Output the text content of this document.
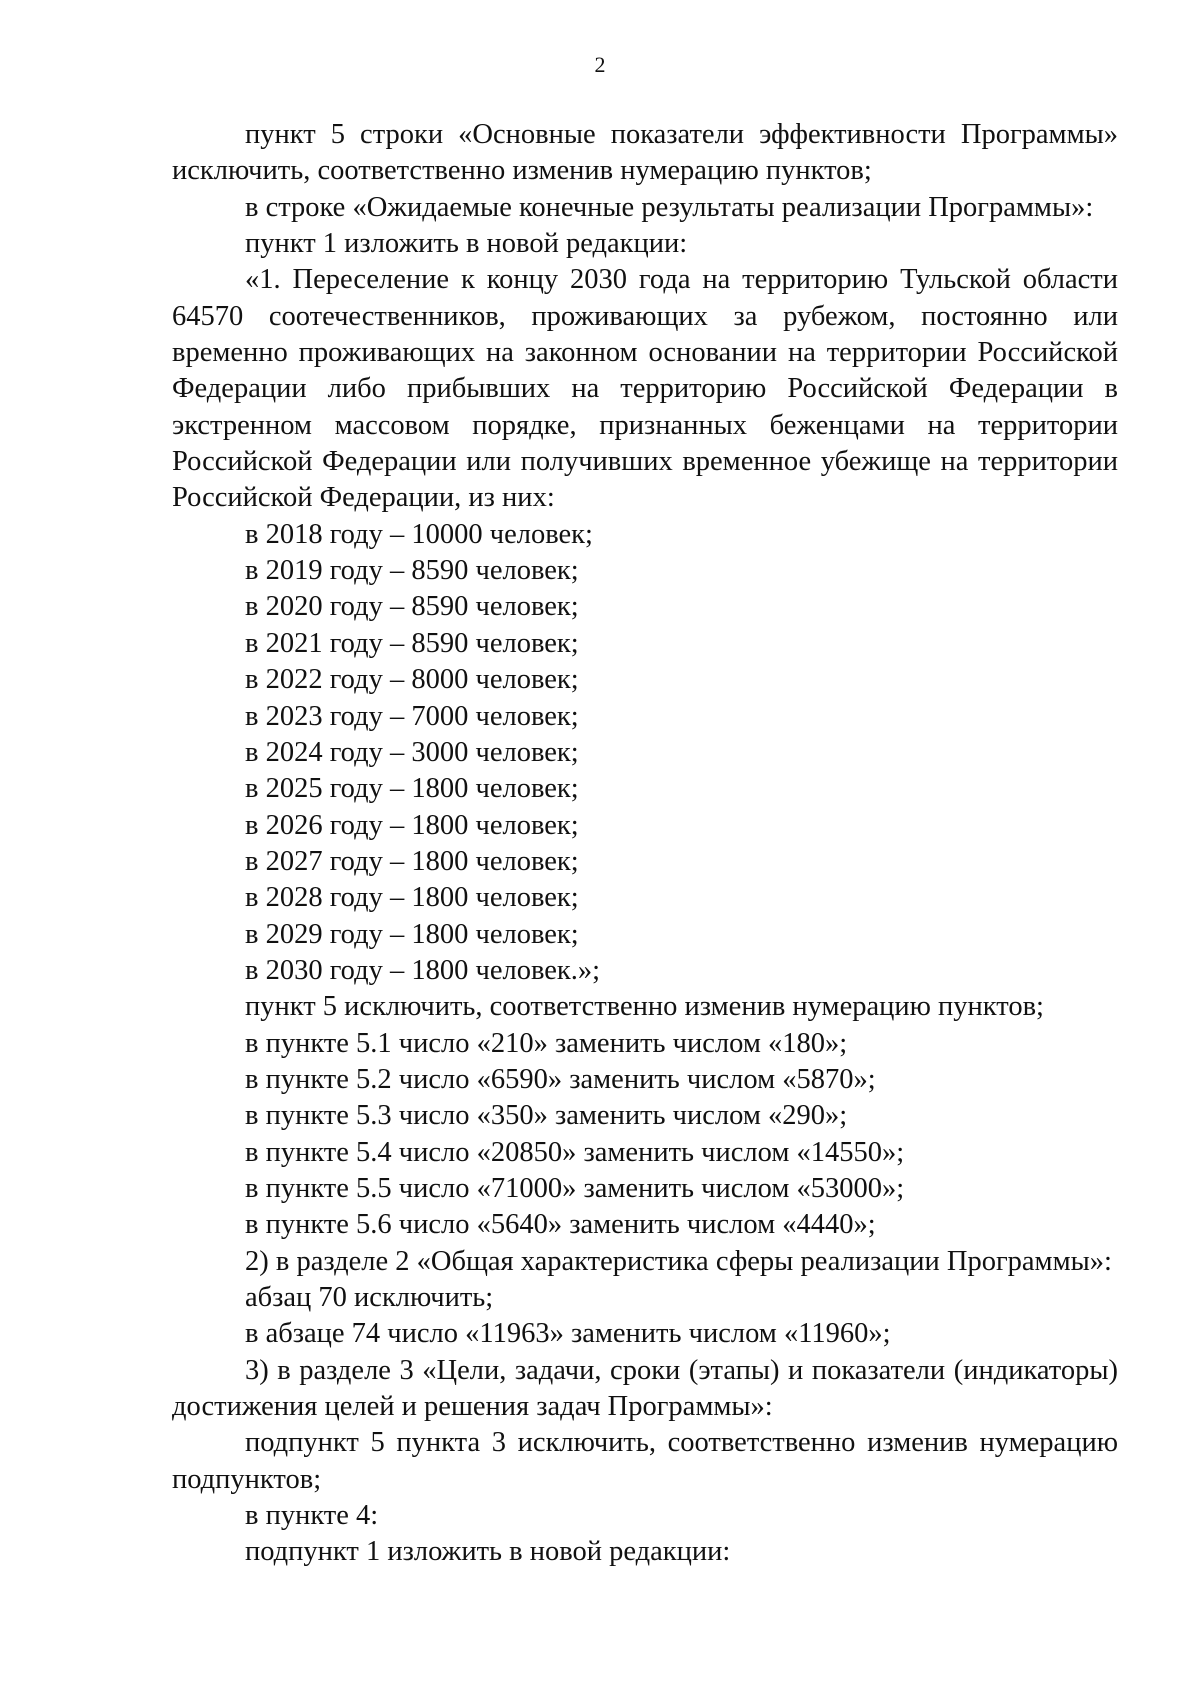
2

пункт 5 строки «Основные показатели эффективности Программы» исключить, соответственно изменив нумерацию пунктов;

в строке «Ожидаемые конечные результаты реализации Программы»:

пункт 1 изложить в новой редакции:

«1. Переселение к концу 2030 года на территорию Тульской области 64570 соотечественников, проживающих за рубежом, постоянно или временно проживающих на законном основании на территории Российской Федерации либо прибывших на территорию Российской Федерации в экстренном массовом порядке, признанных беженцами на территории Российской Федерации или получивших временное убежище на территории Российской Федерации, из них:

в 2018 году – 10000 человек;

в 2019 году – 8590 человек;

в 2020 году – 8590 человек;

в 2021 году – 8590 человек;

в 2022 году – 8000 человек;

в 2023 году – 7000 человек;

в 2024 году – 3000 человек;

в 2025 году – 1800 человек;

в 2026 году – 1800 человек;

в 2027 году – 1800 человек;

в 2028 году – 1800 человек;

в 2029 году – 1800 человек;

в 2030 году – 1800 человек.»;

пункт 5 исключить, соответственно изменив нумерацию пунктов;

в пункте 5.1 число «210» заменить числом «180»;

в пункте 5.2 число «6590» заменить числом «5870»;

в пункте 5.3 число «350» заменить числом «290»;

в пункте 5.4 число «20850» заменить числом «14550»;

в пункте 5.5 число «71000» заменить числом «53000»;

в пункте 5.6 число «5640» заменить числом «4440»;

2) в разделе 2 «Общая характеристика сферы реализации Программы»:

абзац 70 исключить;

в абзаце 74 число «11963» заменить числом «11960»;

3) в разделе 3 «Цели, задачи, сроки (этапы) и показатели (индикаторы) достижения целей и решения задач Программы»:

подпункт 5 пункта 3 исключить, соответственно изменив нумерацию подпунктов;

в пункте 4:

подпункт 1 изложить в новой редакции:
